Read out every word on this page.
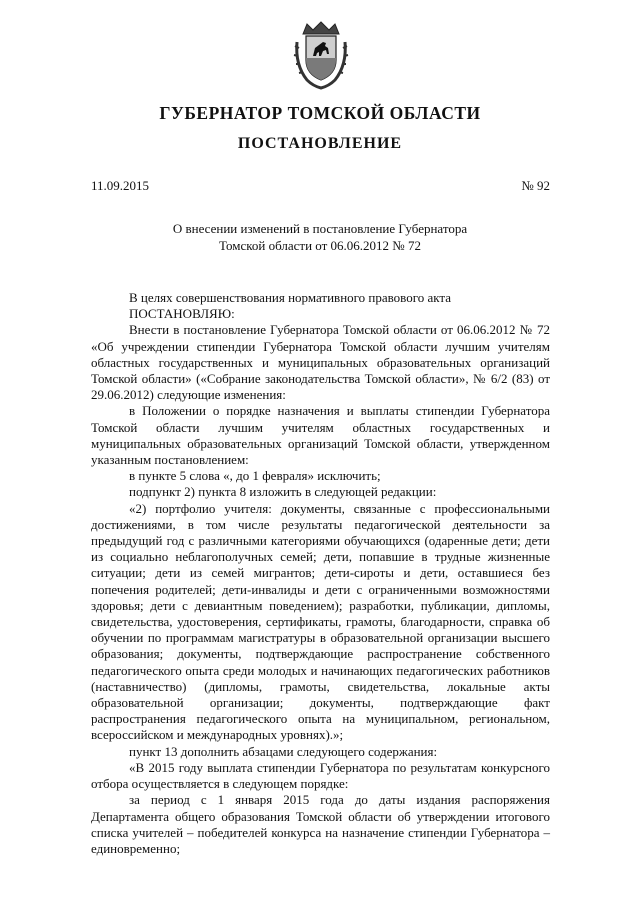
ГУБЕРНАТОР ТОМСКОЙ ОБЛАСТИ
ПОСТАНОВЛЕНИЕ
11.09.2015	№ 92
О внесении изменений в постановление Губернатора
Томской области от 06.06.2012 № 72

В целях совершенствования нормативного правового акта

ПОСТАНОВЛЯЮ:

Внести в постановление Губернатора Томской области от 06.06.2012 № 72 «Об учреждении стипендии Губернатора Томской области лучшим учителям областных государственных и муниципальных образовательных организаций Томской области» («Собрание законодательства Томской области», № 6/2 (83) от 29.06.2012) следующие изменения:

в Положении о порядке назначения и выплаты стипендии Губернатора Томской области лучшим учителям областных государственных и муниципальных образовательных организаций Томской области, утвержденном указанным постановлением:

в пункте 5 слова «, до 1 февраля» исключить;

подпункт 2) пункта 8 изложить в следующей редакции:

«2) портфолио учителя: документы, связанные с профессиональными достижениями, в том числе результаты педагогической деятельности за предыдущий год с различными категориями обучающихся (одаренные дети; дети из социально неблагополучных семей; дети, попавшие в трудные жизненные ситуации; дети из семей мигрантов; дети-сироты и дети, оставшиеся без попечения родителей; дети-инвалиды и дети с ограниченными возможностями здоровья; дети с девиантным поведением); разработки, публикации, дипломы, свидетельства, удостоверения, сертификаты, грамоты, благодарности, справка об обучении по программам магистратуры в образовательной организации высшего образования; документы, подтверждающие распространение собственного педагогического опыта среди молодых и начинающих педагогических работников (наставничество) (дипломы, грамоты, свидетельства, локальные акты образовательной организации; документы, подтверждающие факт распространения педагогического опыта на муниципальном, региональном, всероссийском и международных уровнях).»;

пункт 13 дополнить абзацами следующего содержания:

«В 2015 году выплата стипендии Губернатора по результатам конкурсного отбора осуществляется в следующем порядке:

за период с 1 января 2015 года до даты издания распоряжения Департамента общего образования Томской области об утверждении итогового списка учителей – победителей конкурса на назначение стипендии Губернатора – единовременно;
